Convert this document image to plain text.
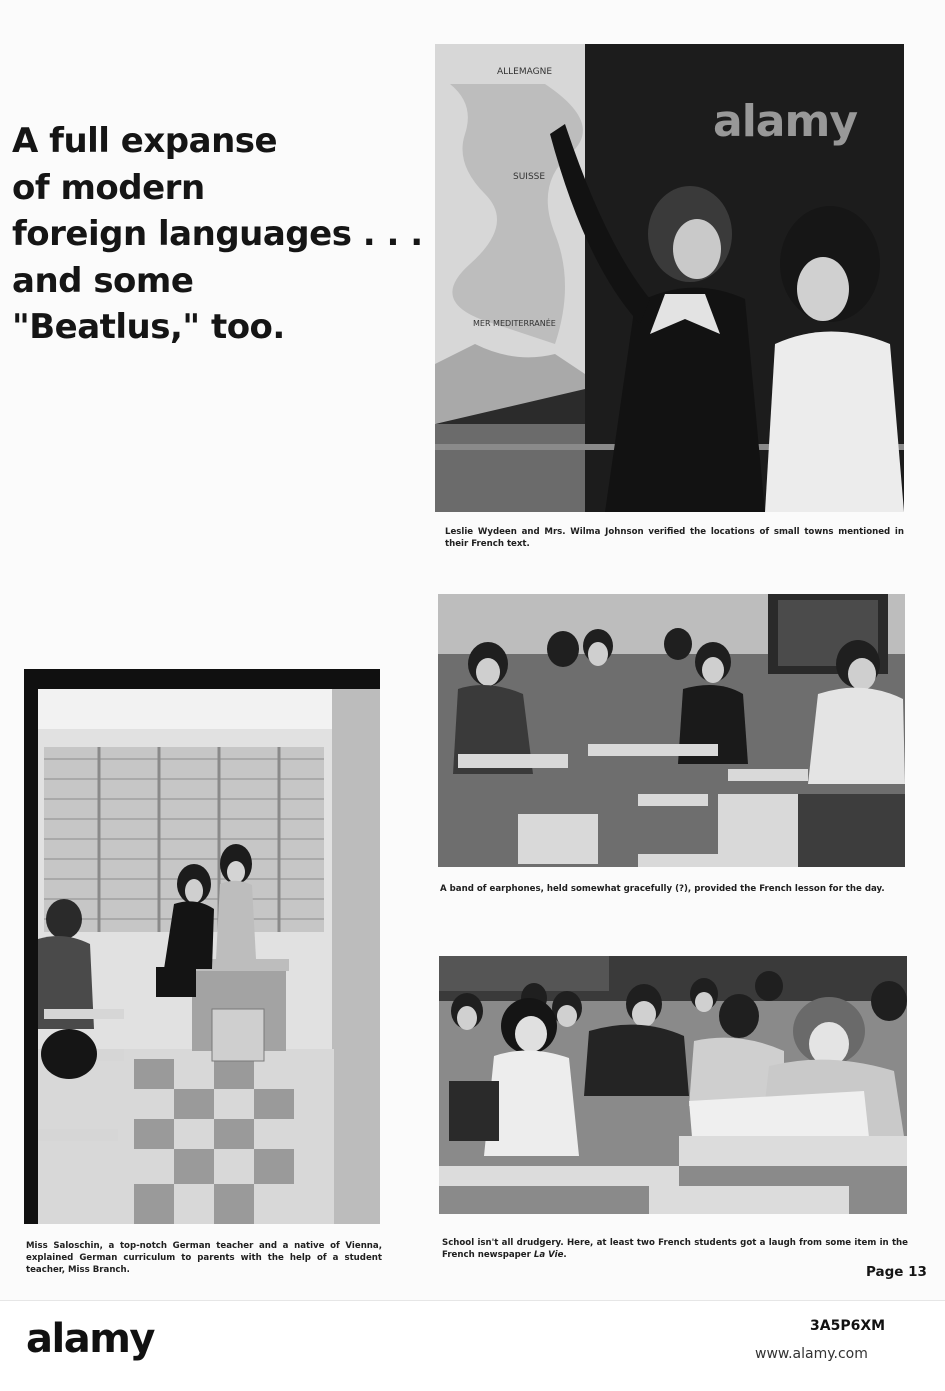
A full expanse
of modern
foreign languages . . .
and some
"Beatlus," too.
ALLEMAGNE
SUISSE
MER MEDITERRANÉE
alamy

Leslie Wydeen and Mrs. Wilma Johnson verified the locations of small towns mentioned in their French text.

A band of earphones, held somewhat gracefully (?), provided the French lesson for the day.

Miss Saloschin, a top-notch German teacher and a native of Vienna, explained German curriculum to parents with the help of a student teacher, Miss Branch.

School isn't all drudgery. Here, at least two French students got a laugh from some item in the French newspaper La Vie.

Page 13
alamy	3A5P6XM
www.alamy.com
